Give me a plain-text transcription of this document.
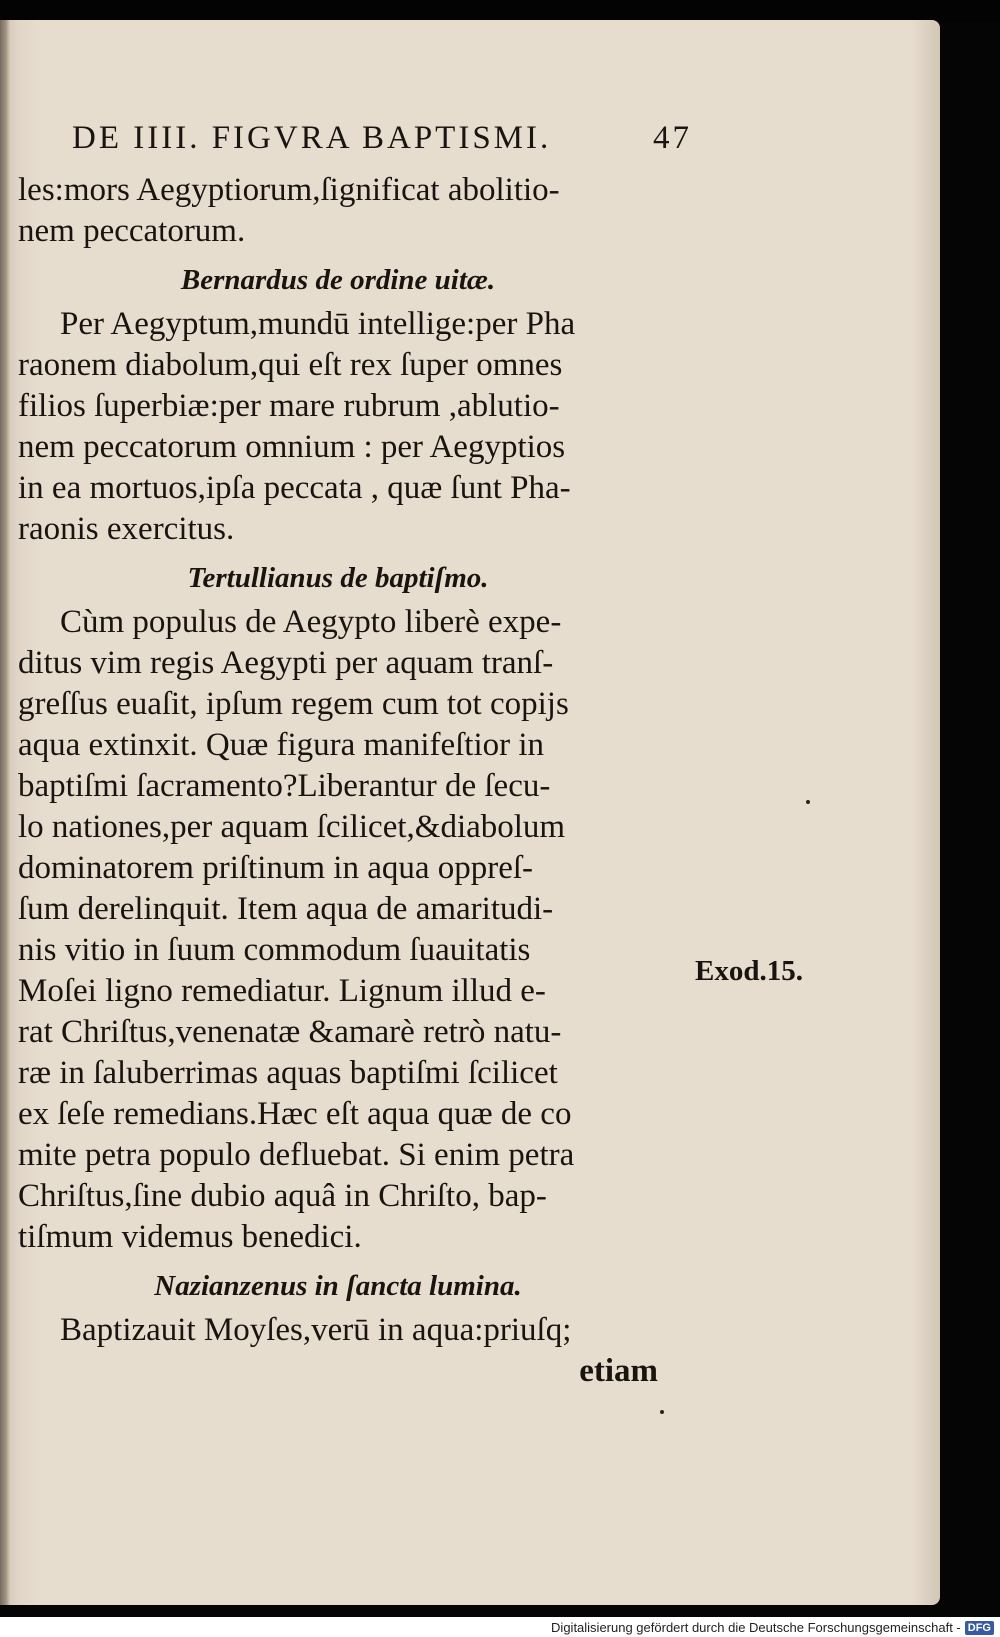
DE IIII. FIGVRA BAPTISMI.	47
les:mors Aegyptiorum,ſignificat abolitio-
nem peccatorum.
Bernardus de ordine uitæ.
Per Aegyptum,mundū intellige:per Pha
raonem diabolum,qui eſt rex ſuper omnes
filios ſuperbiæ:per mare rubrum ,ablutio-
nem peccatorum omnium : per Aegyptios
in ea mortuos,ipſa peccata , quæ ſunt Pha-
raonis exercitus.
Tertullianus de baptiſmo.
Cùm populus de Aegypto liberè expe-
ditus vim regis Aegypti per aquam tranſ-
greſſus euaſit, ipſum regem cum tot copijs
aqua extinxit. Quæ figura manifeſtior in
baptiſmi ſacramento?Liberantur de ſecu-
lo nationes,per aquam ſcilicet,&diabolum
dominatorem priſtinum in aqua oppreſ-
ſum derelinquit. Item aqua de amaritudi-
nis vitio in ſuum commodum ſuauitatis
Moſei ligno remediatur. Lignum illud e-
rat Chriſtus,venenatæ &amarè retrò natu-
ræ in ſaluberrimas aquas baptiſmi ſcilicet
ex ſeſe remedians.Hæc eſt aqua quæ de co
mite petra populo defluebat. Si enim petra
Chriſtus,ſine dubio aquâ in Chriſto, bap-
tiſmum videmus benedici.
Nazianzenus in ſancta lumina.
Baptizauit Moyſes,verū in aqua:priuſq;
etiam
Exod.15.
Digitalisierung gefördert durch die Deutsche Forschungsgemeinschaft - DFG
